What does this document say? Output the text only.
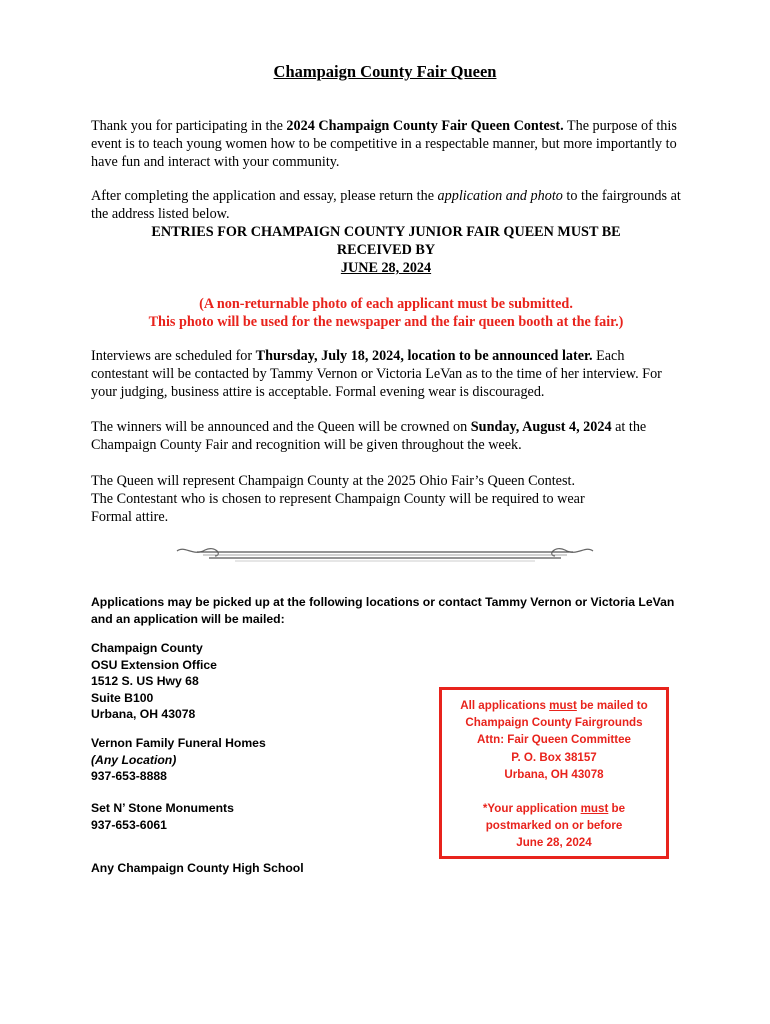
Champaign County Fair Queen
Thank you for participating in the 2024 Champaign County Fair Queen Contest. The purpose of this event is to teach young women how to be competitive in a respectable manner, but more importantly to have fun and interact with your community.
After completing the application and essay, please return the application and photo to the fairgrounds at the address listed below.
ENTRIES FOR CHAMPAIGN COUNTY JUNIOR FAIR QUEEN MUST BE
RECEIVED BY
JUNE 28, 2024
(A non-returnable photo of each applicant must be submitted.
This photo will be used for the newspaper and the fair queen booth at the fair.)
Interviews are scheduled for Thursday, July 18, 2024, location to be announced later. Each contestant will be contacted by Tammy Vernon or Victoria LeVan as to the time of her interview. For your judging, business attire is acceptable. Formal evening wear is discouraged.
The winners will be announced and the Queen will be crowned on Sunday, August 4, 2024 at the Champaign County Fair and recognition will be given throughout the week.
The Queen will represent Champaign County at the 2025 Ohio Fair’s Queen Contest.
The Contestant who is chosen to represent Champaign County will be required to wear
Formal attire.
Applications may be picked up at the following locations or contact Tammy Vernon or Victoria LeVan and an application will be mailed:
Champaign County
OSU Extension Office
1512 S. US Hwy 68
Suite B100
Urbana, OH 43078
Vernon Family Funeral Homes
(Any Location)
937-653-8888
Set N’ Stone Monuments
937-653-6061
Any Champaign County High School
All applications must be mailed to
Champaign County Fairgrounds
Attn: Fair Queen Committee
P. O. Box 38157
Urbana, OH 43078
*Your application must be
postmarked on or before
June 28, 2024
